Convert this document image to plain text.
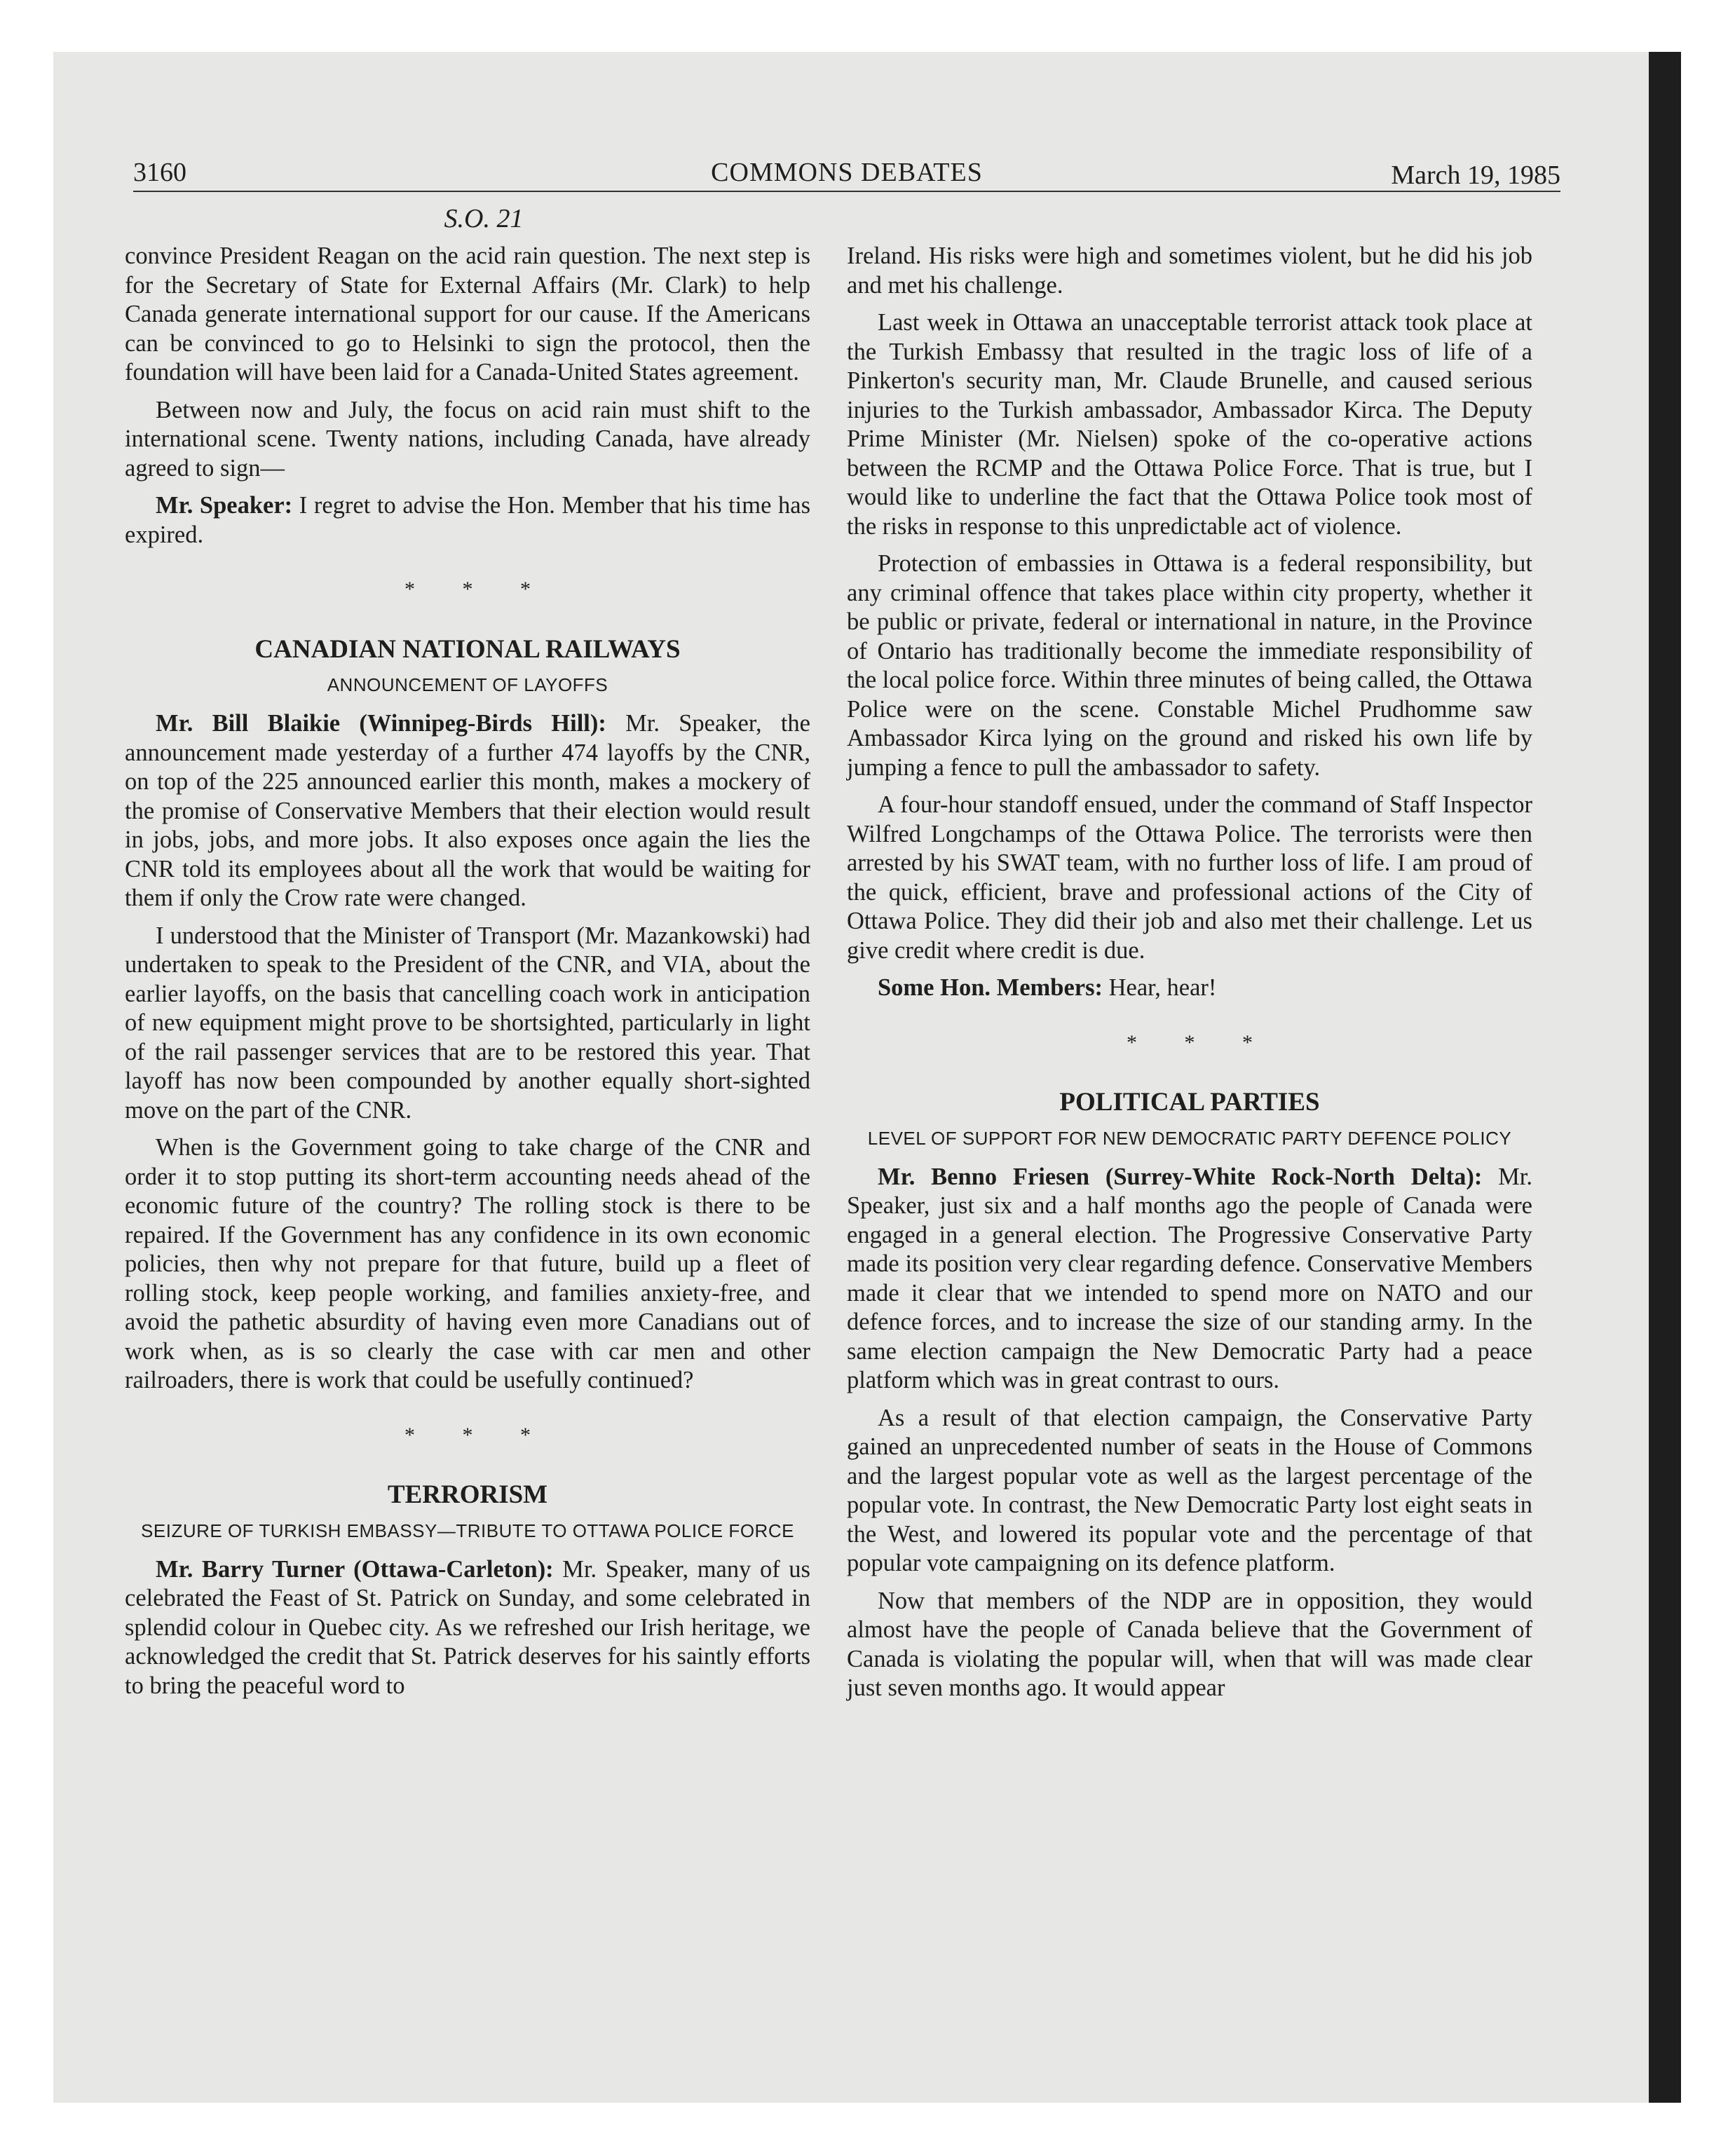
3160	COMMONS DEBATES	March 19, 1985
S.O. 21

convince President Reagan on the acid rain question. The next step is for the Secretary of State for External Affairs (Mr. Clark) to help Canada generate international support for our cause. If the Americans can be convinced to go to Helsinki to sign the protocol, then the foundation will have been laid for a Canada-United States agreement.

Between now and July, the focus on acid rain must shift to the international scene. Twenty nations, including Canada, have already agreed to sign—

Mr. Speaker: I regret to advise the Hon. Member that his time has expired.

* * *
CANADIAN NATIONAL RAILWAYS
ANNOUNCEMENT OF LAYOFFS

Mr. Bill Blaikie (Winnipeg-Birds Hill): Mr. Speaker, the announcement made yesterday of a further 474 layoffs by the CNR, on top of the 225 announced earlier this month, makes a mockery of the promise of Conservative Members that their election would result in jobs, jobs, and more jobs. It also exposes once again the lies the CNR told its employees about all the work that would be waiting for them if only the Crow rate were changed.

I understood that the Minister of Transport (Mr. Mazankowski) had undertaken to speak to the President of the CNR, and VIA, about the earlier layoffs, on the basis that cancelling coach work in anticipation of new equipment might prove to be shortsighted, particularly in light of the rail passenger services that are to be restored this year. That layoff has now been compounded by another equally short-sighted move on the part of the CNR.

When is the Government going to take charge of the CNR and order it to stop putting its short-term accounting needs ahead of the economic future of the country? The rolling stock is there to be repaired. If the Government has any confidence in its own economic policies, then why not prepare for that future, build up a fleet of rolling stock, keep people working, and families anxiety-free, and avoid the pathetic absurdity of having even more Canadians out of work when, as is so clearly the case with car men and other railroaders, there is work that could be usefully continued?

* * *
TERRORISM
SEIZURE OF TURKISH EMBASSY—TRIBUTE TO OTTAWA POLICE FORCE

Mr. Barry Turner (Ottawa-Carleton): Mr. Speaker, many of us celebrated the Feast of St. Patrick on Sunday, and some celebrated in splendid colour in Quebec city. As we refreshed our Irish heritage, we acknowledged the credit that St. Patrick deserves for his saintly efforts to bring the peaceful word to

Ireland. His risks were high and sometimes violent, but he did his job and met his challenge.

Last week in Ottawa an unacceptable terrorist attack took place at the Turkish Embassy that resulted in the tragic loss of life of a Pinkerton's security man, Mr. Claude Brunelle, and caused serious injuries to the Turkish ambassador, Ambassador Kirca. The Deputy Prime Minister (Mr. Nielsen) spoke of the co-operative actions between the RCMP and the Ottawa Police Force. That is true, but I would like to underline the fact that the Ottawa Police took most of the risks in response to this unpredictable act of violence.

Protection of embassies in Ottawa is a federal responsibility, but any criminal offence that takes place within city property, whether it be public or private, federal or international in nature, in the Province of Ontario has traditionally become the immediate responsibility of the local police force. Within three minutes of being called, the Ottawa Police were on the scene. Constable Michel Prudhomme saw Ambassador Kirca lying on the ground and risked his own life by jumping a fence to pull the ambassador to safety.

A four-hour standoff ensued, under the command of Staff Inspector Wilfred Longchamps of the Ottawa Police. The terrorists were then arrested by his SWAT team, with no further loss of life. I am proud of the quick, efficient, brave and professional actions of the City of Ottawa Police. They did their job and also met their challenge. Let us give credit where credit is due.

Some Hon. Members: Hear, hear!

* * *
POLITICAL PARTIES
LEVEL OF SUPPORT FOR NEW DEMOCRATIC PARTY DEFENCE POLICY

Mr. Benno Friesen (Surrey-White Rock-North Delta): Mr. Speaker, just six and a half months ago the people of Canada were engaged in a general election. The Progressive Conservative Party made its position very clear regarding defence. Conservative Members made it clear that we intended to spend more on NATO and our defence forces, and to increase the size of our standing army. In the same election campaign the New Democratic Party had a peace platform which was in great contrast to ours.

As a result of that election campaign, the Conservative Party gained an unprecedented number of seats in the House of Commons and the largest popular vote as well as the largest percentage of the popular vote. In contrast, the New Democratic Party lost eight seats in the West, and lowered its popular vote and the percentage of that popular vote campaigning on its defence platform.

Now that members of the NDP are in opposition, they would almost have the people of Canada believe that the Government of Canada is violating the popular will, when that will was made clear just seven months ago. It would appear
